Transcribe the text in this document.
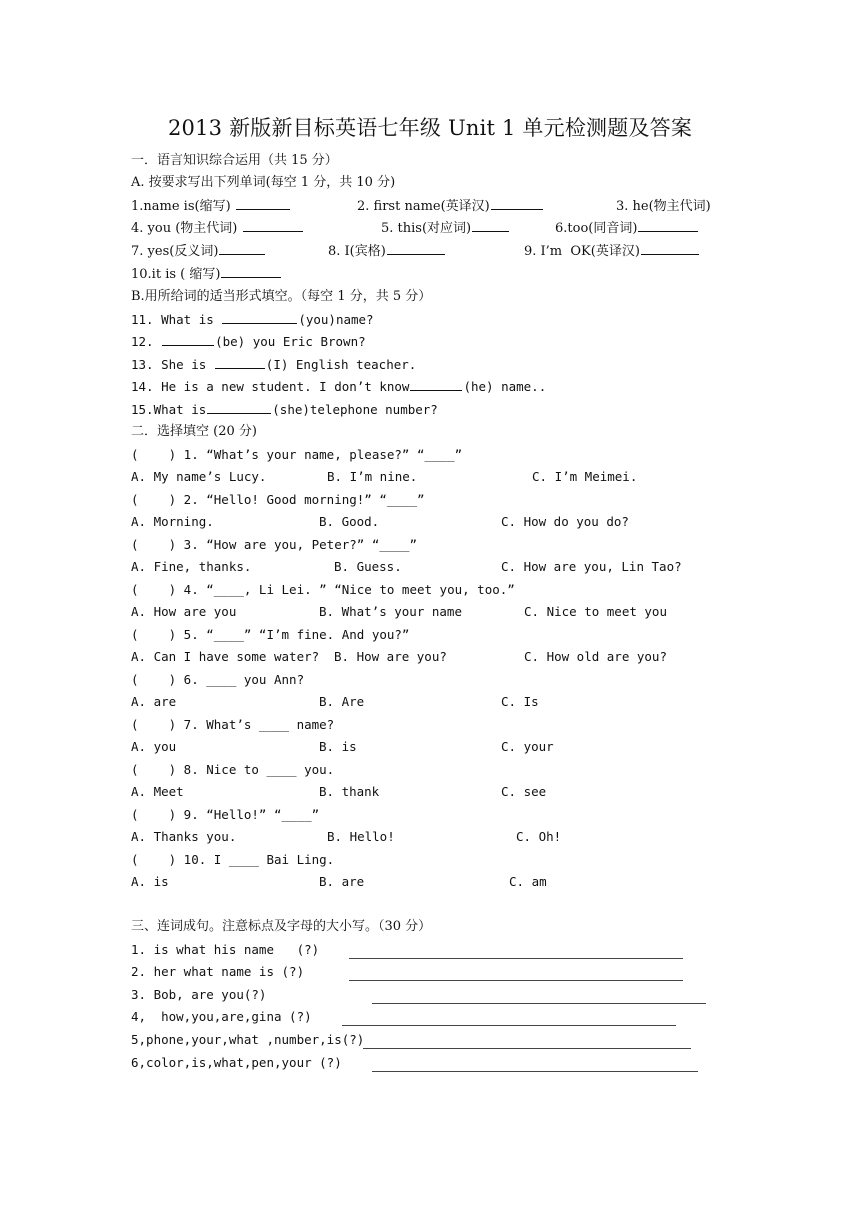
2013 新版新目标英语七年级 Unit 1 单元检测题及答案
一．语言知识综合运用（共 15 分）
A. 按要求写出下列单词(每空 1 分，共 10 分)
1.name is(缩写)	2. first name(英译汉)	3. he(物主代词)
4. you (物主代词)	5. this(对应词)	6.too(同音词)
7. yes(反义词)	8. I(宾格)	9. I’m  OK(英译汉)
10.it is ( 缩写)
B.用所给词的适当形式填空。（每空 1 分，共 5 分）
11. What is	(you)name?
12.	(be) you Eric Brown?
13. She is	(I) English teacher.
14. He is a new student. I don’t know	(he) name..
15.What is	(she)telephone number?
二．选择填空 (20 分)
(    ) 1. “What’s your name, please?” “____”
A. My name’s Lucy.	B. I’m nine.	C. I’m Meimei.
(    ) 2. “Hello! Good morning!” “____”
A. Morning.	B. Good.	C. How do you do?
(    ) 3. “How are you, Peter?” “____”
A. Fine, thanks.	B. Guess.	C. How are you, Lin Tao?
(    ) 4. “____, Li Lei. ” “Nice to meet you, too.”
A. How are you	B. What’s your name	C. Nice to meet you
(    ) 5. “____” “I’m fine. And you?”
A. Can I have some water? B. How are you?	C. How old are you?
(    ) 6. ____ you Ann?
A. are	B. Are	C. Is
(    ) 7. What’s ____ name?
A. you	B. is	C. your
(    ) 8. Nice to ____ you.
A. Meet	B. thank	C. see
(    ) 9. “Hello!” “____”
A. Thanks you.	B. Hello!	C. Oh!
(    ) 10. I ____ Bai Ling.
A. is	B. are	C. am
三、连词成句。注意标点及字母的大小写。（30 分）
1. is what his name   (?)
2. her what name is (?)
3. Bob, are you(?)
4,  how,you,are,gina (?)
5,phone,your,what ,number,is(?)
6,color,is,what,pen,your (?)
